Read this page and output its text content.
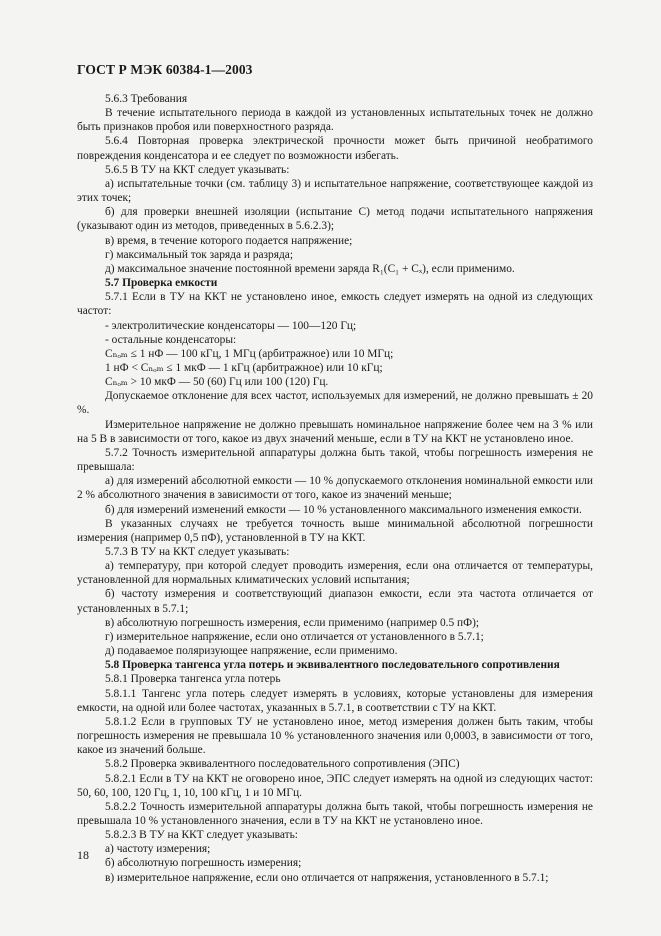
ГОСТ Р МЭК 60384-1—2003

5.6.3 Требования

В течение испытательного периода в каждой из установленных испытательных точек не должно быть признаков пробоя или поверхностного разряда.

5.6.4 Повторная проверка электрической прочности может быть причиной необратимого повреждения конденсатора и ее следует по возможности избегать.

5.6.5 В ТУ на ККТ следует указывать:

а) испытательные точки (см. таблицу 3) и испытательное напряжение, соответствующее каждой из этих точек;

б) для проверки внешней изоляции (испытание С) метод подачи испытательного напряжения (указывают один из методов, приведенных в 5.6.2.3);

в) время, в течение которого подается напряжение;

г) максимальный ток заряда и разряда;

д) максимальное значение постоянной времени заряда R₁(C₁ + Cₓ), если применимо.

5.7 Проверка емкости

5.7.1 Если в ТУ на ККТ не установлено иное, емкость следует измерять на одной из следующих частот:

- электролитические конденсаторы — 100—120 Гц;

- остальные конденсаторы:

Cₙₒₘ ≤ 1 нФ — 100 кГц, 1 МГц (арбитражное) или 10 МГц;

1 нФ < Cₙₒₘ ≤ 1 мкФ — 1 кГц (арбитражное) или 10 кГц;

Cₙₒₘ > 10 мкФ — 50 (60) Гц или 100 (120) Гц.

Допускаемое отклонение для всех частот, используемых для измерений, не должно превышать ± 20 %.

Измерительное напряжение не должно превышать номинальное напряжение более чем на 3 % или на 5 В в зависимости от того, какое из двух значений меньше, если в ТУ на ККТ не установлено иное.

5.7.2 Точность измерительной аппаратуры должна быть такой, чтобы погрешность измерения не превышала:

а) для измерений абсолютной емкости — 10 % допускаемого отклонения номинальной емкости или 2 % абсолютного значения в зависимости от того, какое из значений меньше;

б) для измерений изменений емкости — 10 % установленного максимального изменения емкости.

В указанных случаях не требуется точность выше минимальной абсолютной погрешности измерения (например 0,5 пФ), установленной в ТУ на ККТ.

5.7.3 В ТУ на ККТ следует указывать:

а) температуру, при которой следует проводить измерения, если она отличается от температуры, установленной для нормальных климатических условий испытания;

б) частоту измерения и соответствующий диапазон емкости, если эта частота отличается от установленных в 5.7.1;

в) абсолютную погрешность измерения, если применимо (например 0.5 пФ);

г) измерительное напряжение, если оно отличается от установленного в 5.7.1;

д) подаваемое поляризующее напряжение, если применимо.

5.8 Проверка тангенса угла потерь и эквивалентного последовательного сопротивления

5.8.1 Проверка тангенса угла потерь

5.8.1.1 Тангенс угла потерь следует измерять в условиях, которые установлены для измерения емкости, на одной или более частотах, указанных в 5.7.1, в соответствии с ТУ на ККТ.

5.8.1.2 Если в групповых ТУ не установлено иное, метод измерения должен быть таким, чтобы погрешность измерения не превышала 10 % установленного значения или 0,0003, в зависимости от того, какое из значений больше.

5.8.2 Проверка эквивалентного последовательного сопротивления (ЭПС)

5.8.2.1 Если в ТУ на ККТ не оговорено иное, ЭПС следует измерять на одной из следующих частот: 50, 60, 100, 120 Гц, 1, 10, 100 кГц, 1 и 10 МГц.

5.8.2.2 Точность измерительной аппаратуры должна быть такой, чтобы погрешность измерения не превышала 10 % установленного значения, если в ТУ на ККТ не установлено иное.

5.8.2.3 В ТУ на ККТ следует указывать:

а) частоту измерения;

б) абсолютную погрешность измерения;

в) измерительное напряжение, если оно отличается от напряжения, установленного в 5.7.1;

18
